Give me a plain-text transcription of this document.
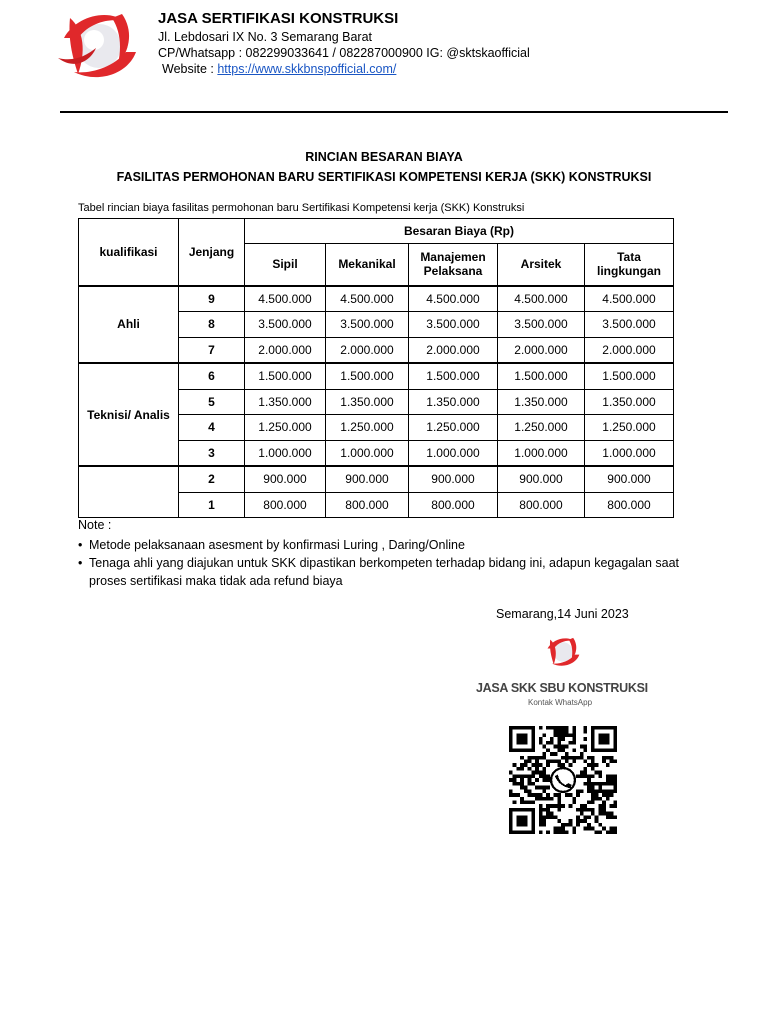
JASA SERTIFIKASI KONSTRUKSI
Jl. Lebdosari IX No. 3 Semarang Barat
CP/Whatsapp : 082299033641 / 082287000900 IG: @sktskaofficial
Website : https://www.skkbnspofficial.com/
RINCIAN BESARAN BIAYA
FASILITAS PERMOHONAN BARU SERTIFIKASI KOMPETENSI KERJA (SKK) KONSTRUKSI
Tabel rincian biaya fasilitas permohonan baru Sertifikasi Kompetensi kerja (SKK) Konstruksi
kualifikasi	Jenjang	Besaran Biaya (Rp)				
		Sipil	Mekanikal	Manajemen Pelaksana	Arsitek	Tata lingkungan
Ahli	9	4.500.000	4.500.000	4.500.000	4.500.000	4.500.000
	8	3.500.000	3.500.000	3.500.000	3.500.000	3.500.000
	7	2.000.000	2.000.000	2.000.000	2.000.000	2.000.000
Teknisi/ Analis	6	1.500.000	1.500.000	1.500.000	1.500.000	1.500.000
	5	1.350.000	1.350.000	1.350.000	1.350.000	1.350.000
	4	1.250.000	1.250.000	1.250.000	1.250.000	1.250.000
	3	1.000.000	1.000.000	1.000.000	1.000.000	1.000.000
	2	900.000	900.000	900.000	900.000	900.000
	1	800.000	800.000	800.000	800.000	800.000
Note :
• Metode pelaksanaan asesment by konfirmasi Luring , Daring/Online
• Tenaga ahli yang diajukan untuk SKK dipastikan berkompeten terhadap bidang ini, adapun kegagalan saat proses sertifikasi maka tidak ada refund biaya
Semarang,14 Juni 2023
JASA SKK SBU KONSTRUKSI
Kontak WhatsApp
